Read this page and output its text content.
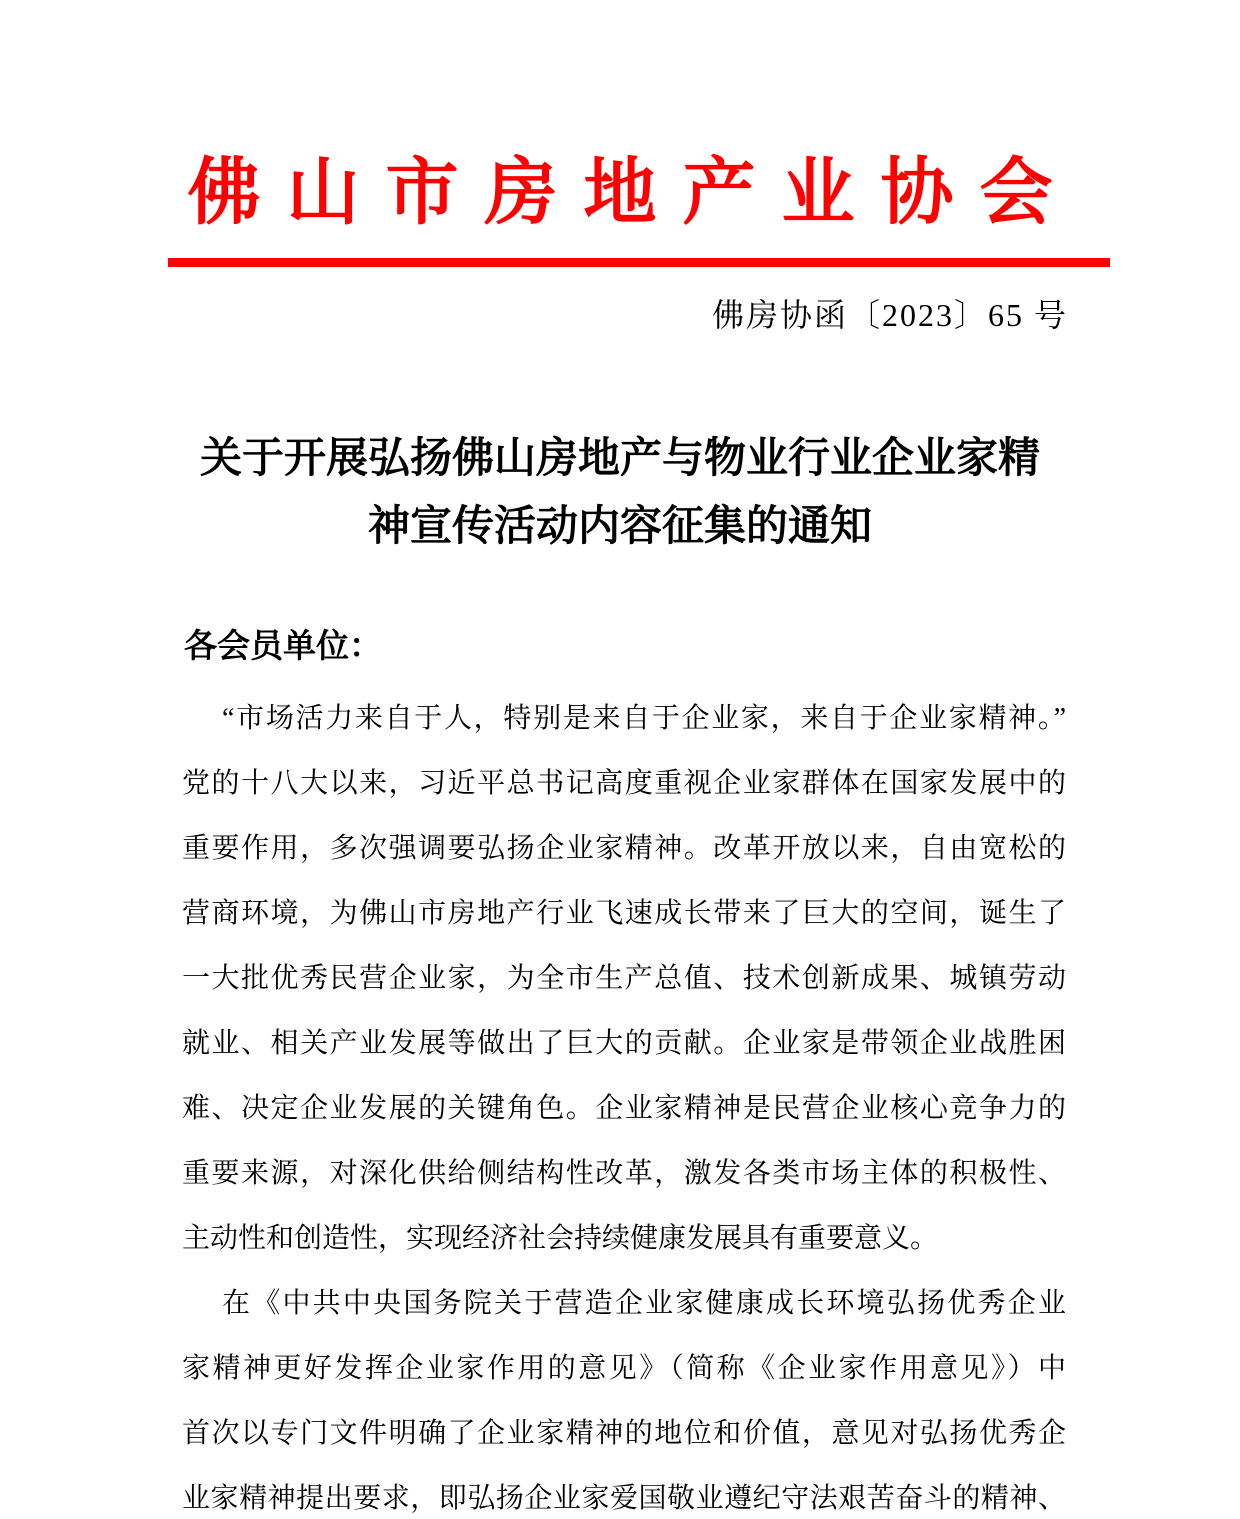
佛山市房地产业协会
佛房协函〔2023〕65 号
关于开展弘扬佛山房地产与物业行业企业家精
神宣传活动内容征集的通知
各会员单位：
“市场活力来自于人，特别是来自于企业家，来自于企业家精神。”
党的十八大以来，习近平总书记高度重视企业家群体在国家发展中的
重要作用，多次强调要弘扬企业家精神。改革开放以来，自由宽松的
营商环境，为佛山市房地产行业飞速成长带来了巨大的空间，诞生了
一大批优秀民营企业家，为全市生产总值、技术创新成果、城镇劳动
就业、相关产业发展等做出了巨大的贡献。企业家是带领企业战胜困
难、决定企业发展的关键角色。企业家精神是民营企业核心竞争力的
重要来源，对深化供给侧结构性改革，激发各类市场主体的积极性、
主动性和创造性，实现经济社会持续健康发展具有重要意义。
在《中共中央国务院关于营造企业家健康成长环境弘扬优秀企业
家精神更好发挥企业家作用的意见》（简称《企业家作用意见》）中
首次以专门文件明确了企业家精神的地位和价值，意见对弘扬优秀企
业家精神提出要求，即弘扬企业家爱国敬业遵纪守法艰苦奋斗的精神、
